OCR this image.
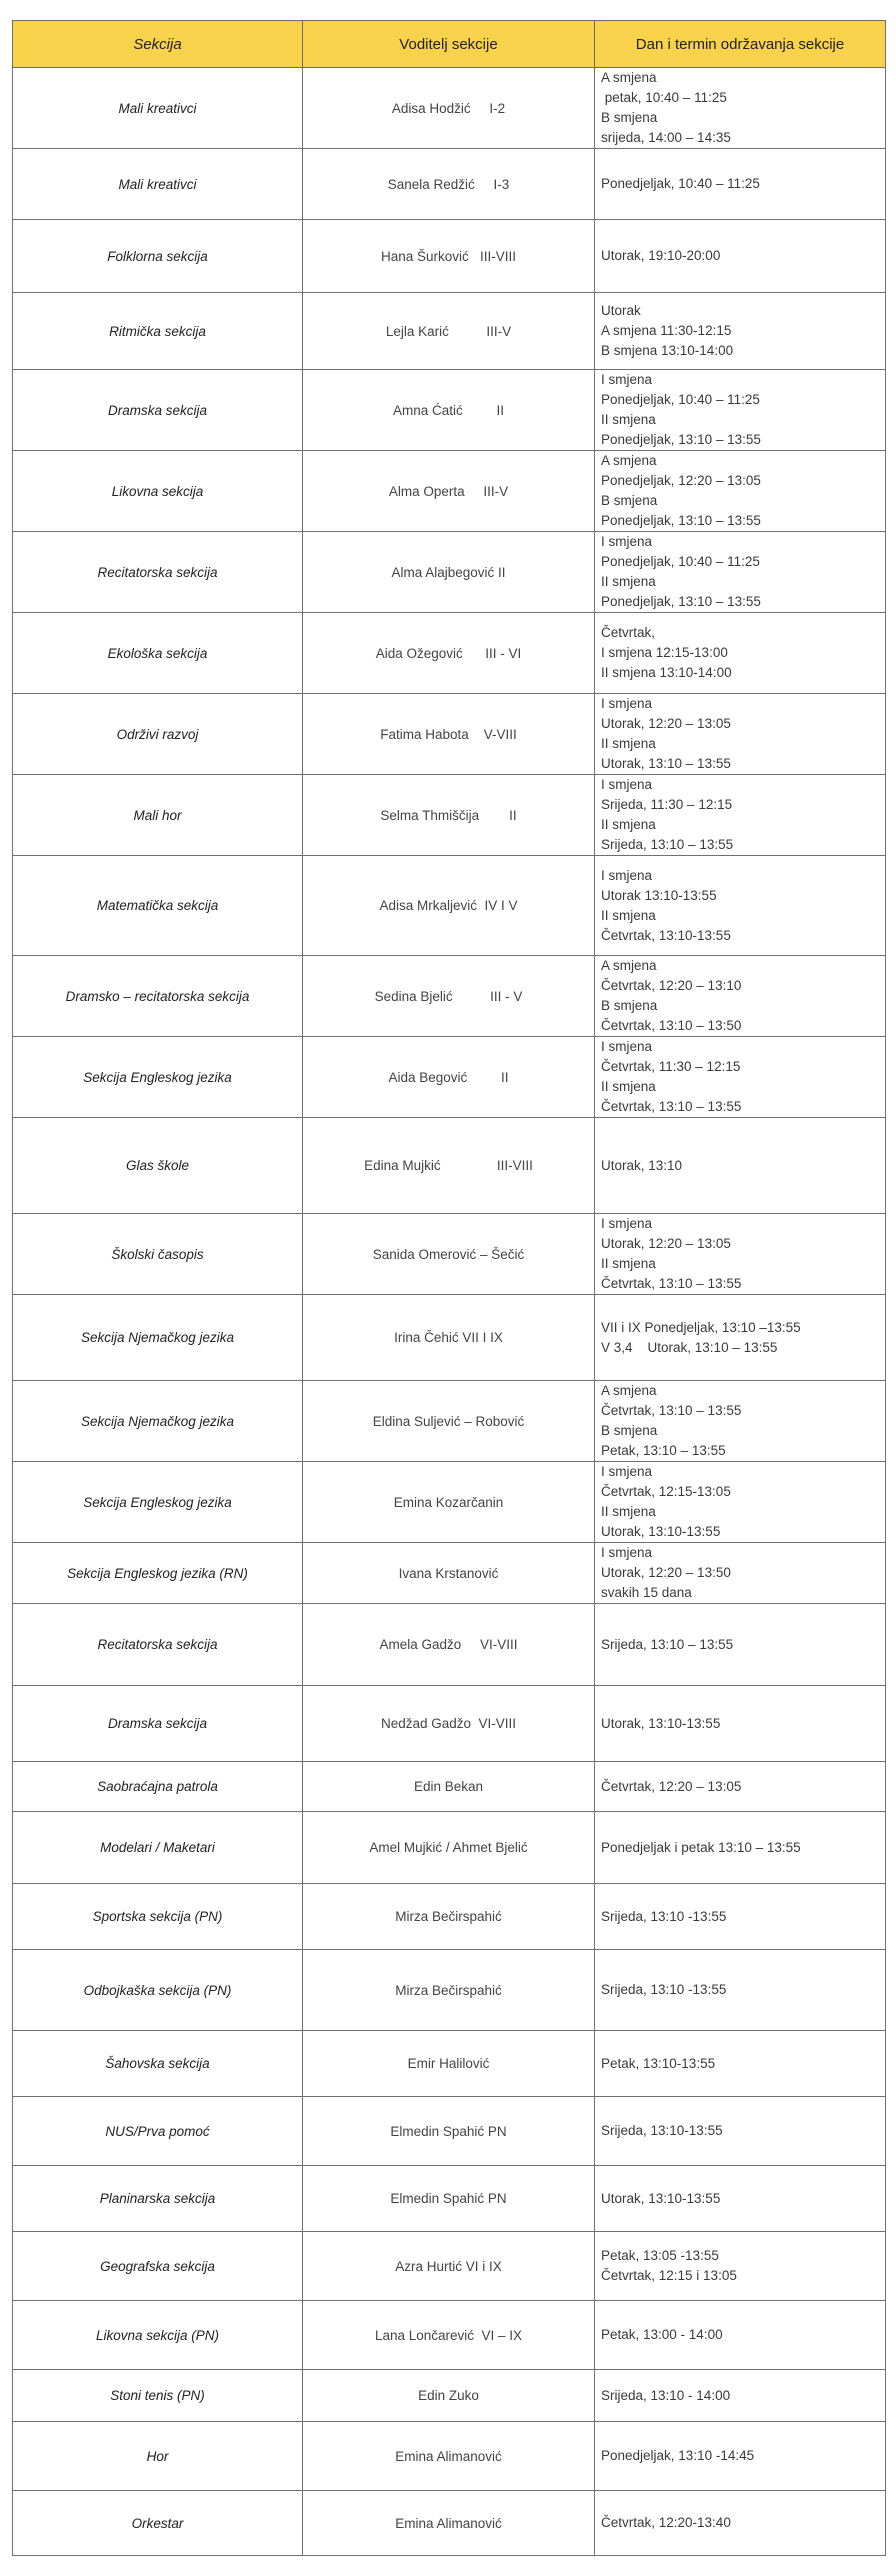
Sekcija	Voditelj sekcije	Dan i termin održavanja sekcije
Mali kreativci	Adisa Hodžić     I-2	A smjena
petak, 10:40 – 11:25
B smjena
srijeda, 14:00 – 14:35

Mali kreativci	Sanela Redžić     I-3	Ponedjeljak, 10:40 – 11:25

Folklorna sekcija	Hana Šurković   III-VIII	Utorak, 19:10-20:00

Ritmička sekcija	Lejla Karić          III-V	Utorak
A smjena 11:30-12:15
B smjena 13:10-14:00

Dramska sekcija	Amna Ćatić         II	I smjena
Ponedjeljak, 10:40 – 11:25
II smjena
Ponedjeljak, 13:10 – 13:55

Likovna sekcija	Alma Operta     III-V	A smjena
Ponedjeljak, 12:20 – 13:05
B smjena
Ponedjeljak, 13:10 – 13:55

Recitatorska sekcija	Alma Alajbegović II	I smjena
Ponedjeljak, 10:40 – 11:25
II smjena
Ponedjeljak, 13:10 – 13:55

Ekološka sekcija	Aida Ožegović      III - VI	Četvrtak,
I smjena 12:15-13:00
II smjena 13:10-14:00

Održivi razvoj	Fatima Habota    V-VIII	I smjena
Utorak, 12:20 – 13:05
II smjena
Utorak, 13:10 – 13:55

Mali hor	Selma Thmiščija        II	I smjena
Srijeda, 11:30 – 12:15
II smjena
Srijeda, 13:10 – 13:55

Matematička sekcija	Adisa Mrkaljević  IV I V	I smjena
Utorak 13:10-13:55
II smjena
Četvrtak, 13:10-13:55

Dramsko – recitatorska sekcija	Sedina Bjelić          III - V	A smjena
Četvrtak, 12:20 – 13:10
B smjena
Četvrtak, 13:10 – 13:50

Sekcija Engleskog jezika	Aida Begović         II	I smjena
Četvrtak, 11:30 – 12:15
II smjena
Četvrtak, 13:10 – 13:55

Glas škole	Edina Mujkić               III-VIII	Utorak, 13:10

Školski časopis	Sanida Omerović – Šečić	I smjena
Utorak, 12:20 – 13:05
II smjena
Četvrtak, 13:10 – 13:55

Sekcija Njemačkog jezika	Irina Čehić VII I IX	VII i IX Ponedjeljak, 13:10 –13:55
V 3,4    Utorak, 13:10 – 13:55

Sekcija Njemačkog jezika	Eldina Suljević – Robović	A smjena
Četvrtak, 13:10 – 13:55
B smjena
Petak, 13:10 – 13:55

Sekcija Engleskog jezika	Emina Kozarčanin	I smjena
Četvrtak, 12:15-13:05
II smjena
Utorak, 13:10-13:55

Sekcija Engleskog jezika (RN)	Ivana Krstanović	I smjena
Utorak, 12:20 – 13:50
svakih 15 dana

Recitatorska sekcija	Amela Gadžo     VI-VIII	Srijeda, 13:10 – 13:55

Dramska sekcija	Nedžad Gadžo  VI-VIII	Utorak, 13:10-13:55

Saobraćajna patrola	Edin Bekan	Četvrtak, 12:20 – 13:05

Modelari / Maketari	Amel Mujkić / Ahmet Bjelić	Ponedjeljak i petak 13:10 – 13:55

Sportska sekcija (PN)	Mirza Bečirspahić	Srijeda, 13:10 -13:55

Odbojkaška sekcija (PN)	Mirza Bečirspahić	Srijeda, 13:10 -13:55

Šahovska sekcija	Emir Halilović	Petak, 13:10-13:55

NUS/Prva pomoć	Elmedin Spahić PN	Srijeda, 13:10-13:55

Planinarska sekcija	Elmedin Spahić PN	Utorak, 13:10-13:55

Geografska sekcija	Azra Hurtić VI i IX	Petak, 13:05 -13:55
Četvrtak, 12:15 i 13:05

Likovna sekcija (PN)	Lana Lončarević  VI – IX	Petak, 13:00 - 14:00

Stoni tenis (PN)	Edin Zuko	Srijeda, 13:10 - 14:00

Hor	Emina Alimanović	Ponedjeljak, 13:10 -14:45

Orkestar	Emina Alimanović	Četvrtak, 12:20-13:40
